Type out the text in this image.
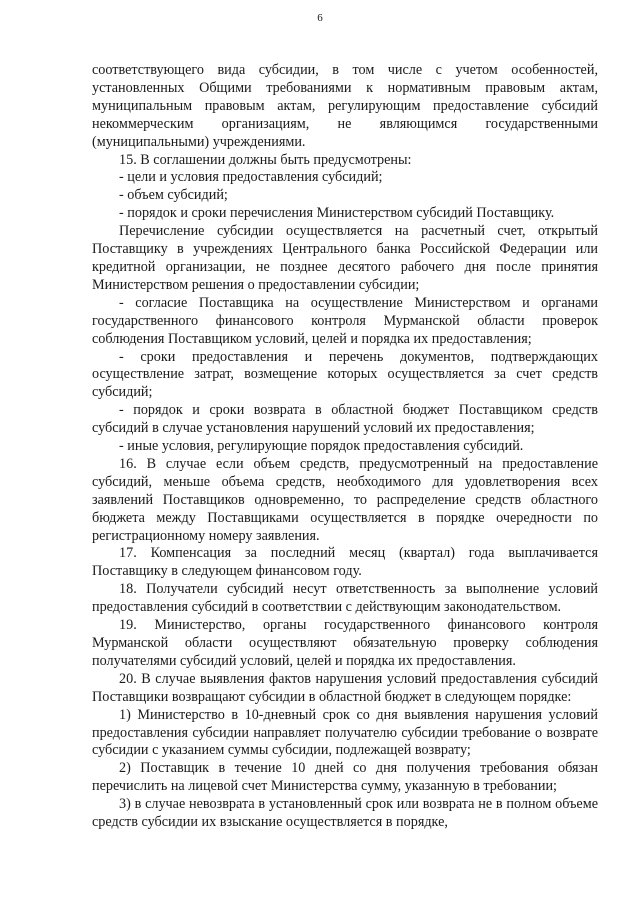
6

соответствующего вида субсидии, в том числе с учетом особенностей, установленных Общими требованиями к нормативным правовым актам, муниципальным правовым актам, регулирующим предоставление субсидий некоммерческим организациям, не являющимся государственными (муниципальными) учреждениями.

15. В соглашении должны быть предусмотрены:

- цели и условия предоставления субсидий;

- объем субсидий;

- порядок и сроки перечисления Министерством субсидий Поставщику.

Перечисление субсидии осуществляется на расчетный счет, открытый Поставщику в учреждениях Центрального банка Российской Федерации или кредитной организации, не позднее десятого рабочего дня после принятия Министерством решения о предоставлении субсидии;

- согласие Поставщика на осуществление Министерством и органами государственного финансового контроля Мурманской области проверок соблюдения Поставщиком условий, целей и порядка их предоставления;

- сроки предоставления и перечень документов, подтверждающих осуществление затрат, возмещение которых осуществляется за счет средств субсидий;

- порядок и сроки возврата в областной бюджет Поставщиком средств субсидий в случае установления нарушений условий их предоставления;

- иные условия, регулирующие порядок предоставления субсидий.

16. В случае если объем средств, предусмотренный на предоставление субсидий, меньше объема средств, необходимого для удовлетворения всех заявлений Поставщиков одновременно, то распределение средств областного бюджета между Поставщиками осуществляется в порядке очередности по регистрационному номеру заявления.

17. Компенсация за последний месяц (квартал) года выплачивается Поставщику в следующем финансовом году.

18. Получатели субсидий несут ответственность за выполнение условий предоставления субсидий в соответствии с действующим законодательством.

19. Министерство, органы государственного финансового контроля Мурманской области осуществляют обязательную проверку соблюдения получателями субсидий условий, целей и порядка их предоставления.

20. В случае выявления фактов нарушения условий предоставления субсидий Поставщики возвращают субсидии в областной бюджет в следующем порядке:

1) Министерство в 10-дневный срок со дня выявления нарушения условий предоставления субсидии направляет получателю субсидии требование о возврате субсидии с указанием суммы субсидии, подлежащей возврату;

2) Поставщик в течение 10 дней со дня получения требования обязан перечислить на лицевой счет Министерства сумму, указанную в требовании;

3) в случае невозврата в установленный срок или возврата не в полном объеме средств субсидии их взыскание осуществляется в порядке,
